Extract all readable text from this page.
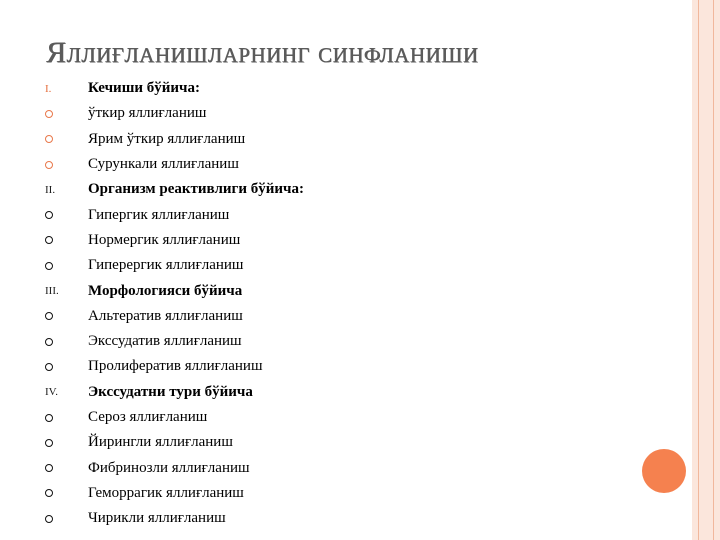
Яллиғланишларнинг синфланиши
I. Кечиши бўйича:
ўткир яллиғланиш
Ярим ўткир яллиғланиш
Сурункали яллиғланиш
II. Организм реактивлиги бўйича:
Гипергик яллиғланиш
Нормергик яллиғланиш
Гиперергик яллиғланиш
III. Морфологияси бўйича
Альтератив яллиғланиш
Экссудатив яллиғланиш
Пролифератив яллиғланиш
IV. Экссудатни тури бўйича
Сероз яллиғланиш
Йирингли яллиғланиш
Фибринозли яллиғланиш
Геморрагик яллиғланиш
Чирикли яллиғланиш
